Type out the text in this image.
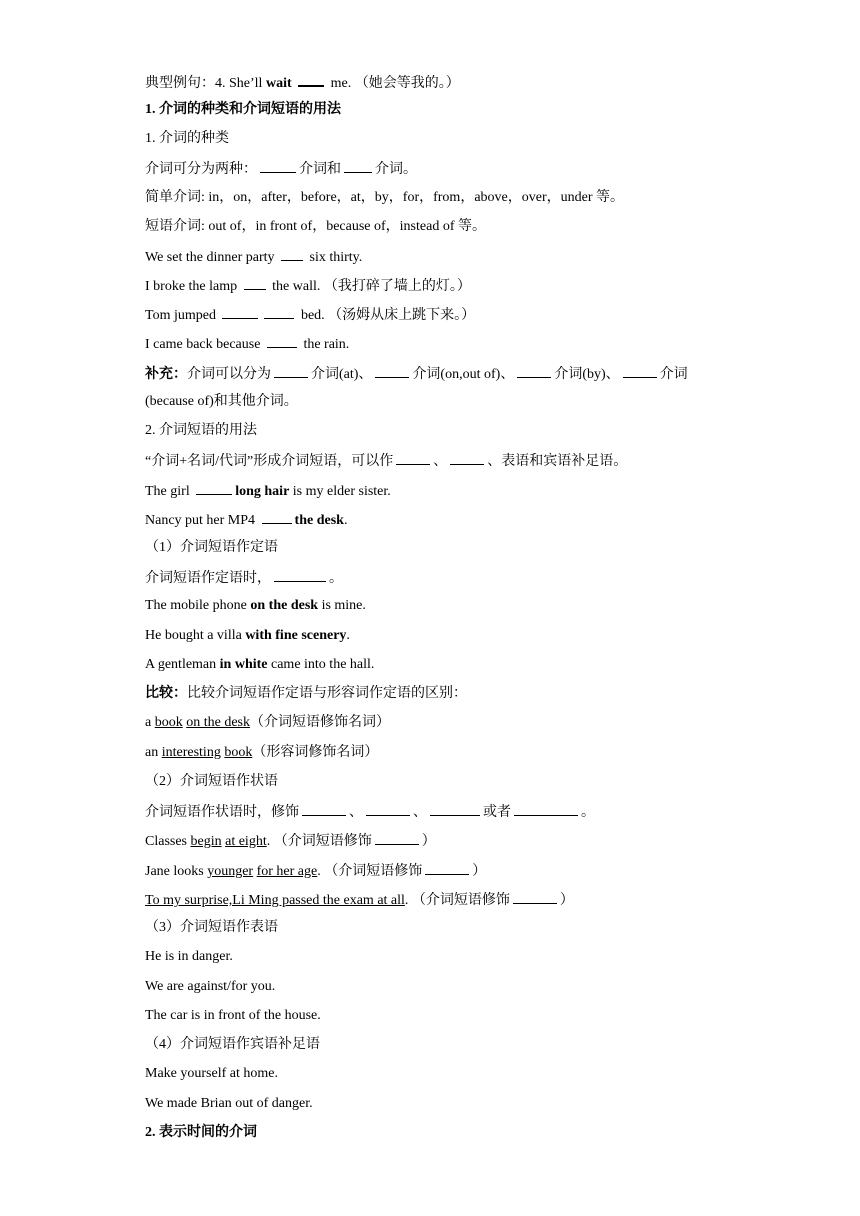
典型例句：4. She’ll wait	me. （她会等我的。）
1. 介词的种类和介词短语的用法
1. 介词的种类
介词可分为两种：	介词和 介词。
简单介词: in，on，after，before，at，by，for，from，above，over，under 等。
短语介词: out of，in front of，because of，instead of 等。
We set the dinner party  six thirty.
I broke the lamp  the wall. （我打碎了墙上的灯。）
Tom jumped	bed. （汤姆从床上跳下来。）
I came back because	the rain.
补充：介词可以分为	介词(at)、	介词(on,out of)、	介词(by)、	介词
(because of)和其他介词。
2. 介词短语的用法
“介词+名词/代词”形成介词短语，可以作	、	、表语和宾语补足语。
The girl	long hair is my elder sister.
Nancy put her MP4	the desk.
（1）介词短语作定语
介词短语作定语时，	。
The mobile phone on the desk is mine.
He bought a villa with fine scenery.
A gentleman in white came into the hall.
比较：比较介词短语作定语与形容词作定语的区别：
a book on the desk（介词短语修饰名词）
an interesting book（形容词修饰名词）
（2）介词短语作状语
介词短语作状语时，修饰	、	、	或者	。
Classes begin at eight. （介词短语修饰	）
Jane looks younger for her age. （介词短语修饰	）
To my surprise,Li Ming passed the exam at all. （介词短语修饰	）
（3）介词短语作表语
He is in danger.
We are against/for you.
The car is in front of the house.
（4）介词短语作宾语补足语
Make yourself at home.
We made Brian out of danger.
2. 表示时间的介词
